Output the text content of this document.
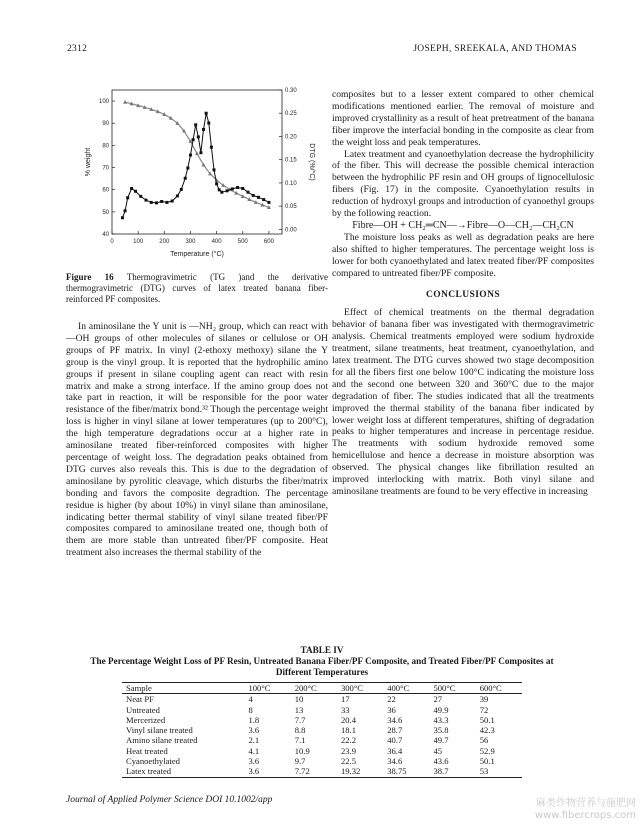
2312	JOSEPH, SREEKALA, AND THOMAS
0	100	200	300	400	500	600
40
50
60
70
80
90
100
0.00
0.05
0.10
0.15
0.20
0.25
0.30
Temperature (°C)
% weight	DTG (%/°C)
Figure 16 Thermogravimetric (TG )and the derivative thermogravimetric (DTG) curves of latex treated banana fiber-reinforced PF composites.

In aminosilane the Y unit is —NH₂ group, which can react with —OH groups of other molecules of silanes or cellulose or OH groups of PF matrix. In vinyl (2-ethoxy methoxy) silane the Y group is the vinyl group. It is reported that the hydrophilic amino groups if present in silane coupling agent can react with resin matrix and make a strong interface. If the amino group does not take part in reaction, it will be responsible for the poor water resistance of the fiber/matrix bond.³² Though the percentage weight loss is higher in vinyl silane at lower temperatures (up to 200°C), the high temperature degradations occur at a higher rate in aminosilane treated fiber-reinforced composites with higher percentage of weight loss. The degradation peaks obtained from DTG curves also reveals this. This is due to the degradation of aminosilane by pyrolitic cleavage, which disturbs the fiber/matrix bonding and favors the composite degradtion. The percentage residue is higher (by about 10%) in vinyl silane than aminosilane, indicating better thermal stability of vinyl silane treated fiber/PF composites compared to aminosilane treated one, though both of them are more stable than untreated fiber/PF composite. Heat treatment also increases the thermal stability of the

composites but to a lesser extent compared to other chemical modifications mentioned earlier. The removal of moisture and improved crystallinity as a result of heat pretreatment of the banana fiber improve the interfacial bonding in the composite as clear from the weight loss and peak temperatures.

Latex treatment and cyanoethylation decrease the hydrophilicity of the fiber. This will decrease the possible chemical interaction between the hydrophilic PF resin and OH groups of lignocellulosic fibers (Fig. 17) in the composite. Cyanoethylation results in reduction of hydroxyl groups and introduction of cyanoethyl groups by the following reaction.

Fibre—OH + CH₂═CN—→Fibre—O—CH₂—CH₂CN

The moisture loss peaks as well as degradation peaks are here also shifted to higher temperatures. The percentage weight loss is lower for both cyanoethylated and latex treated fiber/PF composites compared to untreated fiber/PF composite.

CONCLUSIONS

Effect of chemical treatments on the thermal degradation behavior of banana fiber was investigated with thermogravimetric analysis. Chemical treatments employed were sodium hydroxide treatment, silane treatments, heat treatment, cyanoethylation, and latex treatment. The DTG curves showed two stage decomposition for all the fibers first one below 100°C indicating the moisture loss and the second one between 320 and 360°C due to the major degradation of fiber. The studies indicated that all the treatments improved the thermal stability of the banana fiber indicated by lower weight loss at different temperatures, shifting of degradation peaks to higher temperatures and increase in percentage residue. The treatments with sodium hydroxide removed some hemicellulose and hence a decrease in moisture absorption was observed. The physical changes like fibrillation resulted an improved interlocking with matrix. Both vinyl silane and aminosilane treatments are found to be very effective in increasing

TABLE IV
The Percentage Weight Loss of PF Resin, Untreated Banana Fiber/PF Composite, and Treated Fiber/PF Composites at Different Temperatures
Sample	100°C	200°C	300°C	400°C	500°C	600°C
Neat PF	4	10	17	22	27	39
Untreated	8	13	33	36	49.9	72
Mercerized	1.8	7.7	20.4	34.6	43.3	50.1
Vinyl silane treated	3.6	8.8	18.1	28.7	35.8	42.3
Amino silane treated	2.1	7.1	22.2	40.7	49.7	56
Heat treated	4.1	10.9	23.9	36.4	45	52.9
Cyanoethylated	3.6	9.7	22.5	34.6	43.6	50.1
Latex treated	3.6	7.72	19.32	38.75	38.7	53
Journal of Applied Polymer Science DOI 10.1002/app	麻类作物营养与施肥网
www.fibercrops.com
